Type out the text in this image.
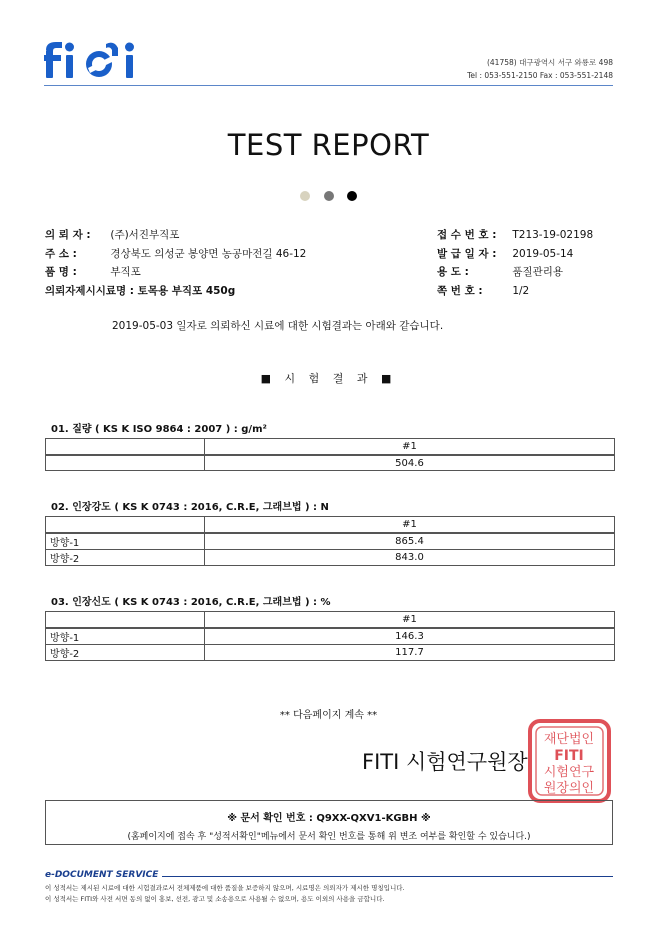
fiti
(41758) 대구광역시 서구 와룡로 498
Tel : 053-551-2150 Fax : 053-551-2148
TEST REPORT

의 뢰 자 : (주)서진부직포
주 소 :	경상북도 의성군 봉양면 농공마전길 46-12
품 명 :	부직포
의뢰자제시시료명 : 토목용 부직포 450g
접 수 번 호 : T213-19-02198
발 급 일 자 : 2019-05-14
용 도 :	품질관리용
쪽 번 호 :	1/2
2019-05-03 일자로 의뢰하신 시료에 대한 시험결과는 아래와 같습니다.
■ 시 험 결 과 ■
01. 질량 ( KS K ISO 9864 : 2007 ) : g/m²
	#1
	504.6
02. 인장강도 ( KS K 0743 : 2016, C.R.E, 그래브법 ) : N
	#1
방향-1	865.4
방향-2	843.0
03. 인장신도 ( KS K 0743 : 2016, C.R.E, 그래브법 ) : %
	#1
방향-1	146.3
방향-2	117.7
** 다음페이지 계속 **
FITI 시험연구원장
재단법인
FITI
시험연구
원장의인
※ 문서 확인 번호 : Q9XX-QXV1-KGBH ※
(홈페이지에 접속 후 "성적서확인"메뉴에서 문서 확인 번호를 통해 위 변조 여부를 확인할 수 있습니다.)
e-DOCUMENT SERVICE
이 성적서는 제시된 시료에 대한 시험결과로서 전체제품에 대한 품질을 보증하지 않으며, 시료명은 의뢰자가 제시한 명칭입니다.
이 성적서는 FITI와 사전 서면 동의 없이 홍보, 선전, 광고 및 소송용으로 사용될 수 없으며, 용도 이외의 사용을 금합니다.
